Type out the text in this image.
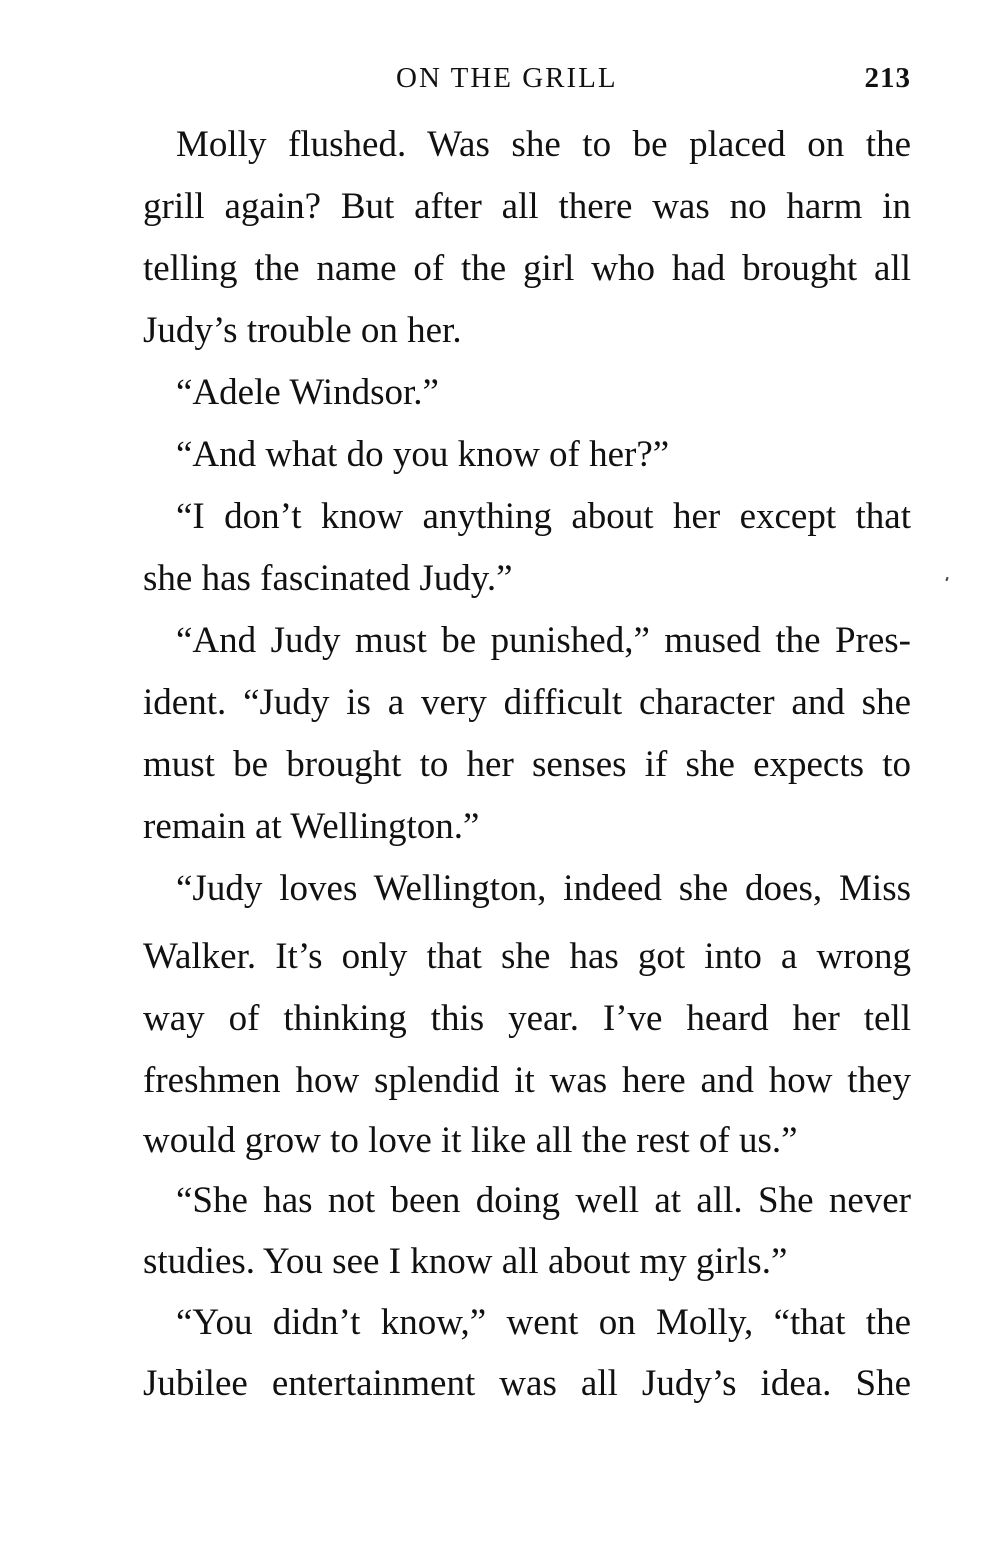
ON THE GRILL	213
Molly flushed. Was she to be placed on the
grill again? But after all there was no harm in
telling the name of the girl who had brought all
Judy’s trouble on her.
“Adele Windsor.”
“And what do you know of her?”
“I don’t know anything about her except that
she has fascinated Judy.”
“And Judy must be punished,” mused the Pres-
ident. “Judy is a very difficult character and she
must be brought to her senses if she expects to
remain at Wellington.”
“Judy loves Wellington, indeed she does, Miss
Walker. It’s only that she has got into a wrong
way of thinking this year. I’ve heard her tell
freshmen how splendid it was here and how they
would grow to love it like all the rest of us.”
“She has not been doing well at all. She never
studies. You see I know all about my girls.”
“You didn’t know,” went on Molly, “that the
Jubilee entertainment was all Judy’s idea. She
